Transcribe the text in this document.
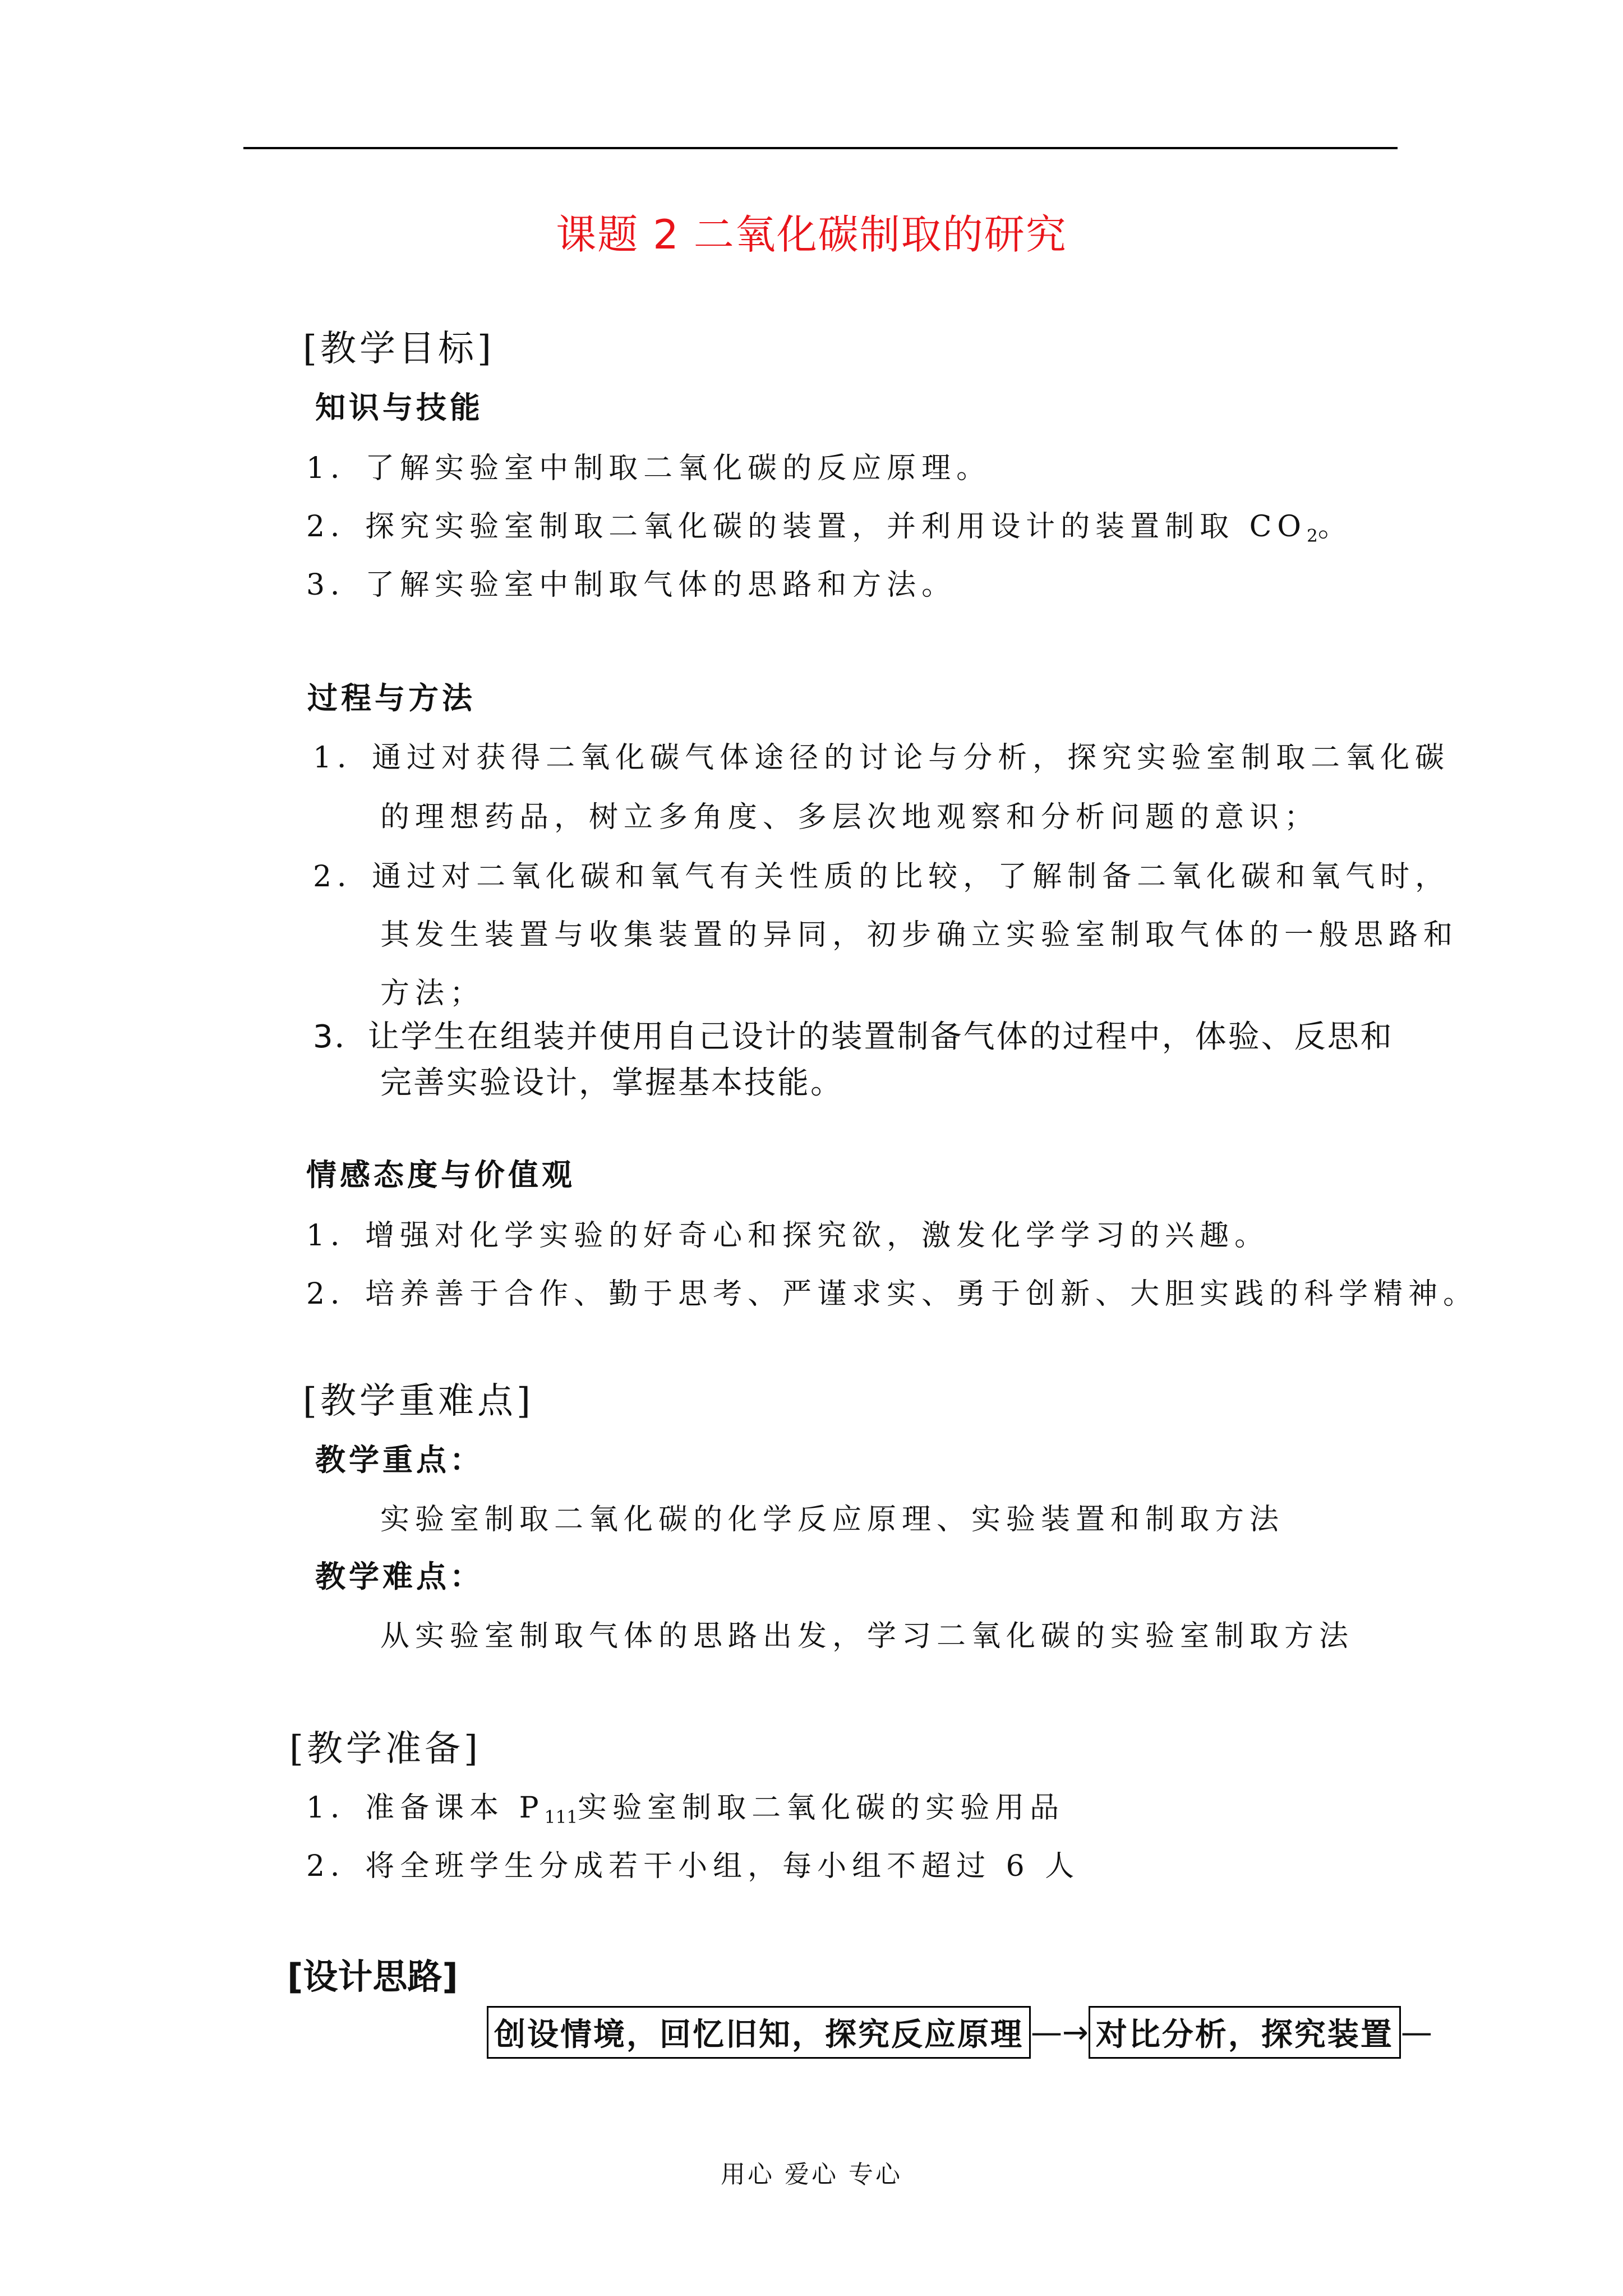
课题 2 二氧化碳制取的研究
[教学目标]
知识与技能
1．了解实验室中制取二氧化碳的反应原理。
2．探究实验室制取二氧化碳的装置，并利用设计的装置制取 $CO_2$。
3．了解实验室中制取气体的思路和方法。
过程与方法
1．通过对获得二氧化碳气体途径的讨论与分析，探究实验室制取二氧化碳
的理想药品，树立多角度、多层次地观察和分析问题的意识；
2．通过对二氧化碳和氧气有关性质的比较，了解制备二氧化碳和氧气时，
其发生装置与收集装置的异同，初步确立实验室制取气体的一般思路和
方法；
3．让学生在组装并使用自己设计的装置制备气体的过程中，体验、反思和
完善实验设计，掌握基本技能。
情感态度与价值观
1．增强对化学实验的好奇心和探究欲，激发化学学习的兴趣。
2．培养善于合作、勤于思考、严谨求实、勇于创新、大胆实践的科学精神。
[教学重难点]
教学重点：
实验室制取二氧化碳的化学反应原理、实验装置和制取方法
教学难点：
从实验室制取气体的思路出发，学习二氧化碳的实验室制取方法
[教学准备]
1．准备课本 $P_{111}$实验室制取二氧化碳的实验用品
2．将全班学生分成若干小组，每小组不超过 6 人
[设计思路]
创设情境，回忆旧知，探究反应原理 —→ 对比分析，探究装置 —
用心 爱心 专心
